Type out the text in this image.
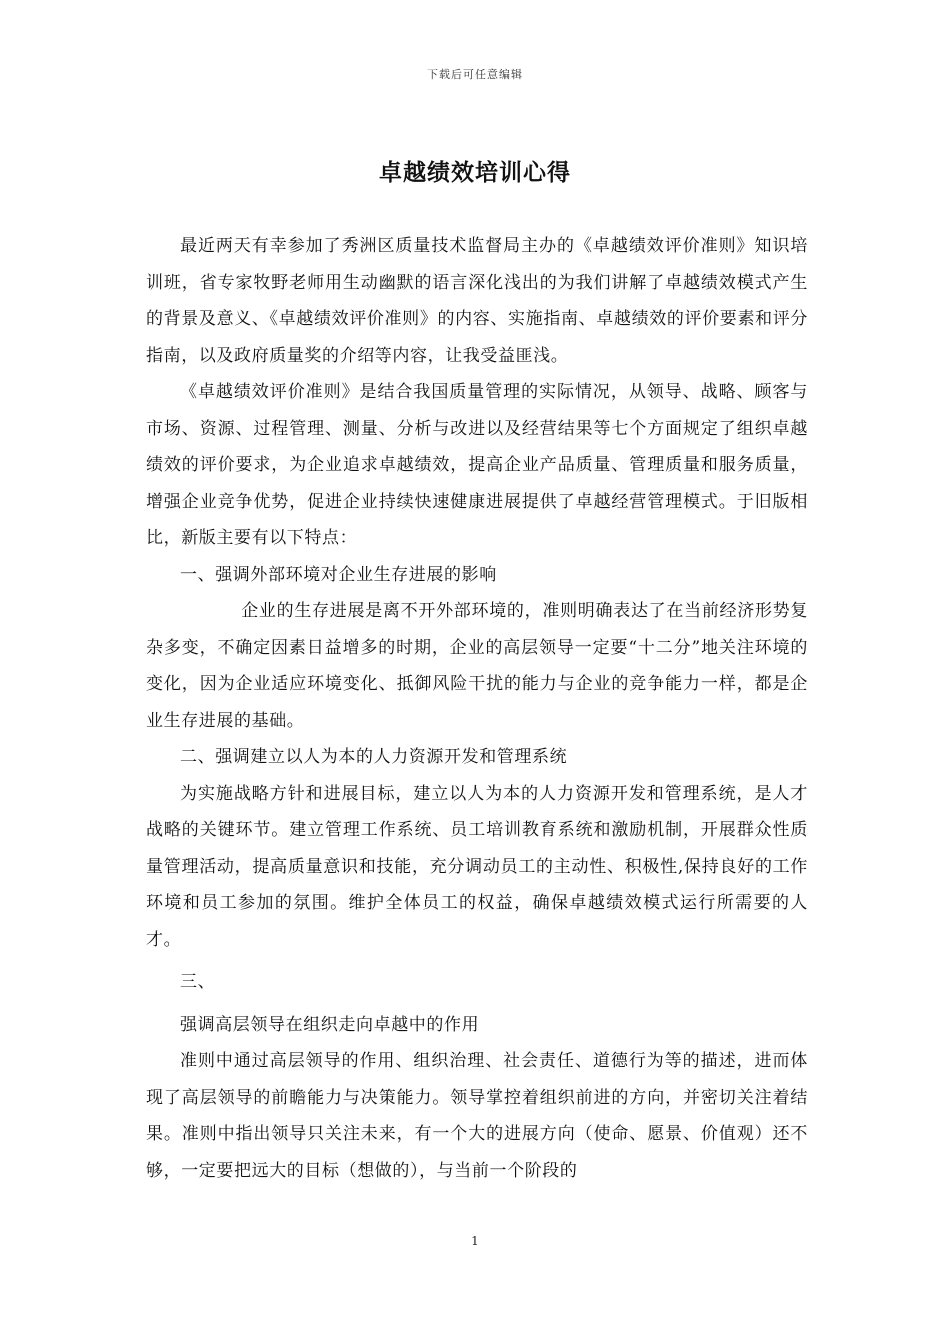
下载后可任意编辑
卓越绩效培训心得

最近两天有幸参加了秀洲区质量技术监督局主办的《卓越绩效评价准则》知识培训班，省专家牧野老师用生动幽默的语言深化浅出的为我们讲解了卓越绩效模式产生的背景及意义、《卓越绩效评价准则》的内容、实施指南、卓越绩效的评价要素和评分指南，以及政府质量奖的介绍等内容，让我受益匪浅。

《卓越绩效评价准则》是结合我国质量管理的实际情况，从领导、战略、顾客与市场、资源、过程管理、测量、分析与改进以及经营结果等七个方面规定了组织卓越绩效的评价要求，为企业追求卓越绩效，提高企业产品质量、管理质量和服务质量，增强企业竞争优势，促进企业持续快速健康进展提供了卓越经营管理模式。于旧版相比，新版主要有以下特点：

一、强调外部环境对企业生存进展的影响

企业的生存进展是离不开外部环境的，准则明确表达了在当前经济形势复杂多变，不确定因素日益增多的时期，企业的高层领导一定要“十二分”地关注环境的变化，因为企业适应环境变化、抵御风险干扰的能力与企业的竞争能力一样，都是企业生存进展的基础。

二、强调建立以人为本的人力资源开发和管理系统

为实施战略方针和进展目标，建立以人为本的人力资源开发和管理系统，是人才战略的关键环节。建立管理工作系统、员工培训教育系统和激励机制，开展群众性质量管理活动，提高质量意识和技能，充分调动员工的主动性、积极性,保持良好的工作环境和员工参加的氛围。维护全体员工的权益，确保卓越绩效模式运行所需要的人才。

三、

强调高层领导在组织走向卓越中的作用

准则中通过高层领导的作用、组织治理、社会责任、道德行为等的描述，进而体现了高层领导的前瞻能力与决策能力。领导掌控着组织前进的方向，并密切关注着结果。准则中指出领导只关注未来，有一个大的进展方向（使命、愿景、价值观）还不够，一定要把远大的目标（想做的），与当前一个阶段的

1
